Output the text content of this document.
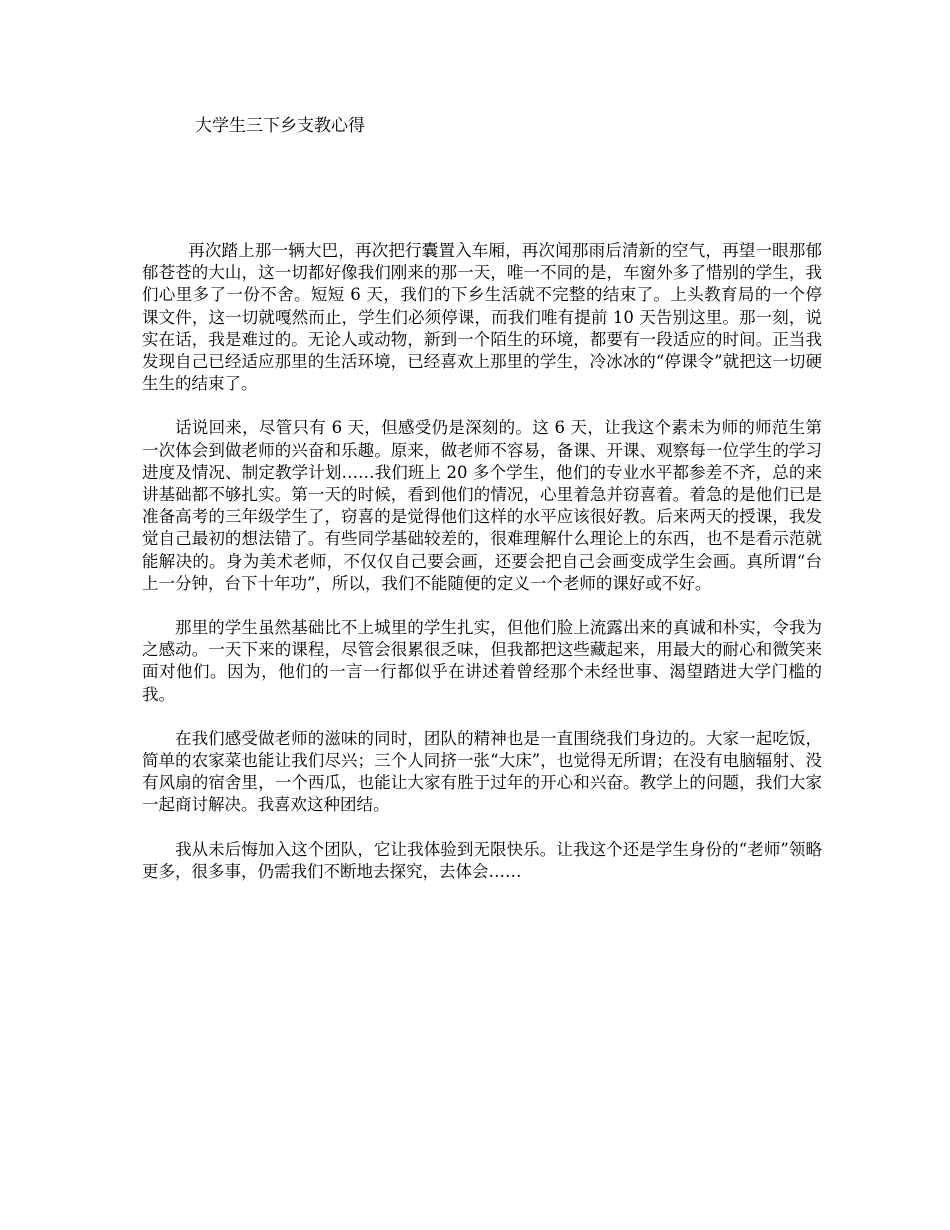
大学生三下乡支教心得

再次踏上那一辆大巴，再次把行囊置入车厢，再次闻那雨后清新的空气，再望一眼那郁郁苍苍的大山，这一切都好像我们刚来的那一天，唯一不同的是，车窗外多了惜别的学生，我们心里多了一份不舍。短短 6 天，我们的下乡生活就不完整的结束了。上头教育局的一个停课文件，这一切就嘎然而止，学生们必须停课，而我们唯有提前 10 天告别这里。那一刻，说实在话，我是难过的。无论人或动物，新到一个陌生的环境，都要有一段适应的时间。正当我发现自己已经适应那里的生活环境，已经喜欢上那里的学生，冷冰冰的“停课令”就把这一切硬生生的结束了。

话说回来，尽管只有 6 天，但感受仍是深刻的。这 6 天，让我这个素未为师的师范生第一次体会到做老师的兴奋和乐趣。原来，做老师不容易，备课、开课、观察每一位学生的学习进度及情况、制定教学计划……我们班上 20 多个学生，他们的专业水平都参差不齐，总的来讲基础都不够扎实。第一天的时候，看到他们的情况，心里着急并窃喜着。着急的是他们已是准备高考的三年级学生了，窃喜的是觉得他们这样的水平应该很好教。后来两天的授课，我发觉自己最初的想法错了。有些同学基础较差的，很难理解什么理论上的东西，也不是看示范就能解决的。身为美术老师，不仅仅自己要会画，还要会把自己会画变成学生会画。真所谓“台上一分钟，台下十年功”，所以，我们不能随便的定义一个老师的课好或不好。

那里的学生虽然基础比不上城里的学生扎实，但他们脸上流露出来的真诚和朴实，令我为之感动。一天下来的课程，尽管会很累很乏味，但我都把这些藏起来，用最大的耐心和微笑来面对他们。因为，他们的一言一行都似乎在讲述着曾经那个未经世事、渴望踏进大学门槛的我。

在我们感受做老师的滋味的同时，团队的精神也是一直围绕我们身边的。大家一起吃饭，简单的农家菜也能让我们尽兴；三个人同挤一张“大床”，也觉得无所谓；在没有电脑辐射、没有风扇的宿舍里，一个西瓜，也能让大家有胜于过年的开心和兴奋。教学上的问题，我们大家一起商讨解决。我喜欢这种团结。

我从未后悔加入这个团队，它让我体验到无限快乐。让我这个还是学生身份的“老师”领略更多，很多事，仍需我们不断地去探究，去体会……
